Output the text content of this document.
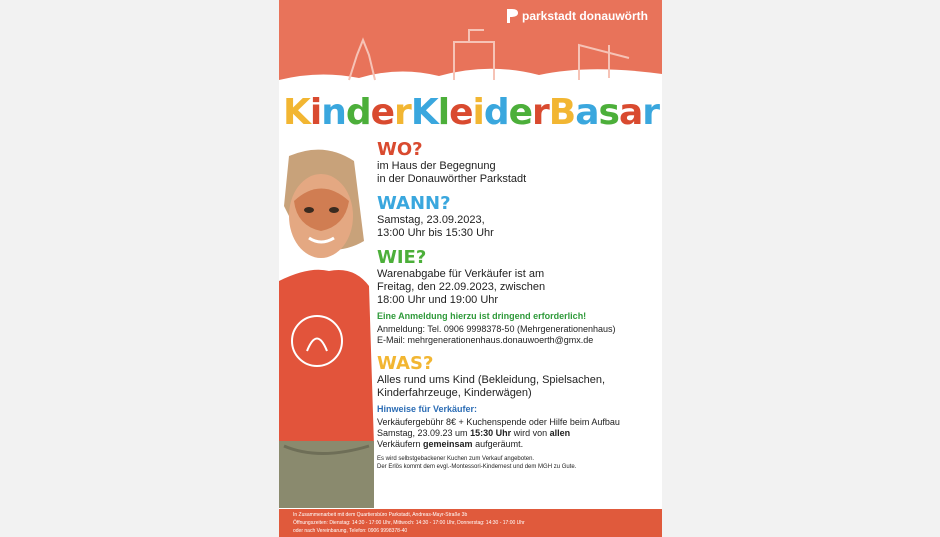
parkstadt donauwörth
K i n d e r K l e i d e r B a s a r
WO?
im Haus der Begegnung
in der Donauwörther Parkstadt
WANN?
Samstag, 23.09.2023,
13:00 Uhr bis 15:30 Uhr
WIE?
Warenabgabe für Verkäufer ist am
Freitag, den 22.09.2023, zwischen
18:00 Uhr und 19:00 Uhr
Eine Anmeldung hierzu ist dringend erforderlich!
Anmeldung: Tel. 0906 9998378-50 (Mehrgenerationenhaus)
E-Mail: mehrgenerationenhaus.donauwoerth@gmx.de
WAS?
Alles rund ums Kind (Bekleidung, Spielsachen,
Kinderfahrzeuge, Kinderwägen)
Hinweise für Verkäufer:
Verkäufergebühr 8€ + Kuchenspende oder Hilfe beim Aufbau
Samstag, 23.09.23 um 15:30 Uhr wird von allen
Verkäufern gemeinsam aufgeräumt.
Es wird selbstgebackener Kuchen zum Verkauf angeboten.
Der Erlös kommt dem evgl.-Montessori-Kindernest und dem MGH zu Gute.
In Zusammenarbeit mit dem Quartiersbüro Parkstadt, Andreas-Mayr-Straße 3b
Öffnungszeiten: Dienstag: 14:30 - 17:00 Uhr, Mittwoch: 14:30 - 17:00 Uhr, Donnerstag: 14:30 - 17:00 Uhr
oder nach Vereinbarung, Telefon: 0906 9998378-40
